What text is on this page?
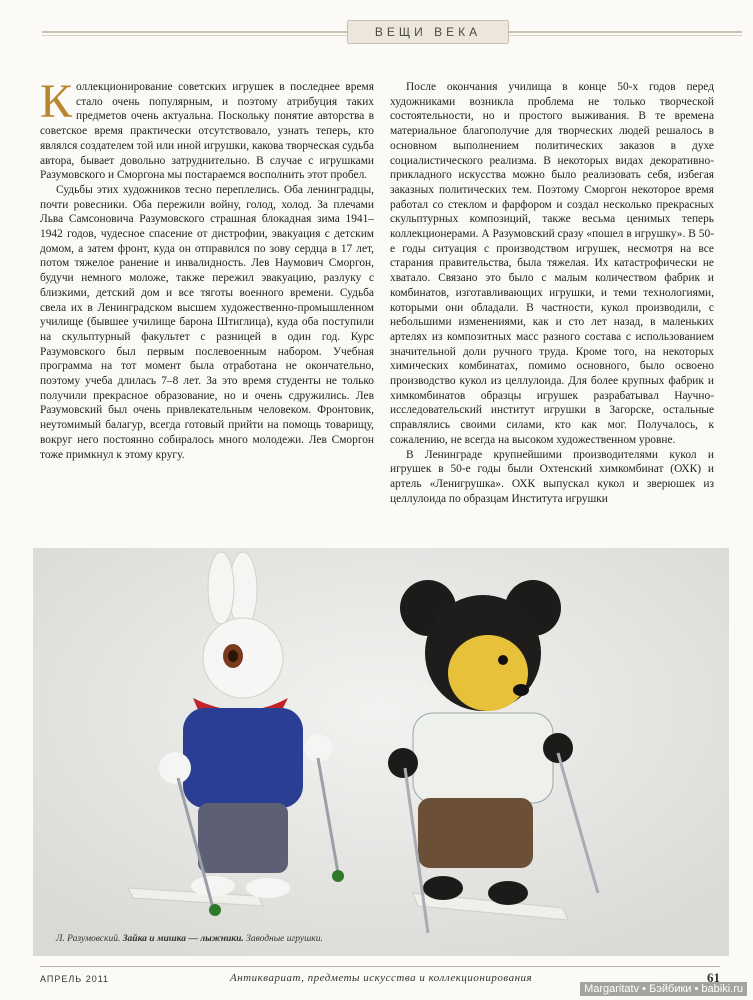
ВЕЩИ ВЕКА

Коллекционирование советских игрушек в последнее время стало очень популярным, и поэтому атрибуция таких предметов очень актуальна. Поскольку понятие авторства в советское время практически отсутствовало, узнать теперь, кто являлся создателем той или иной игрушки, какова творческая судьба автора, бывает довольно затруднительно. В случае с игрушками Разумовского и Сморгона мы постараемся восполнить этот пробел.

Судьбы этих художников тесно переплелись. Оба ленинградцы, почти ровесники. Оба пережили войну, голод, холод. За плечами Льва Самсоновича Разумовского страшная блокадная зима 1941–1942 годов, чудесное спасение от дистрофии, эвакуация с детским домом, а затем фронт, куда он отправился по зову сердца в 17 лет, потом тяжелое ранение и инвалидность. Лев Наумович Сморгон, будучи немного моложе, также пережил эвакуацию, разлуку с близкими, детский дом и все тяготы военного времени. Судьба свела их в Ленинградском высшем художественно-промышленном училище (бывшее училище барона Штиглица), куда оба поступили на скульптурный факультет с разницей в один год. Курс Разумовского был первым послевоенным набором. Учебная программа на тот момент была отработана не окончательно, поэтому учеба длилась 7–8 лет. За это время студенты не только получили прекрасное образование, но и очень сдружились. Лев Разумовский был очень привлекательным человеком. Фронтовик, неутомимый балагур, всегда готовый прийти на помощь товарищу, вокруг него постоянно собиралось много молодежи. Лев Сморгон тоже примкнул к этому кругу.

После окончания училища в конце 50-х годов перед художниками возникла проблема не только творческой состоятельности, но и простого выживания. В те времена материальное благополучие для творческих людей решалось в основном выполнением политических заказов в духе социалистического реализма. В некоторых видах декоративно-прикладного искусства можно было реализовать себя, избегая заказных политических тем. Поэтому Сморгон некоторое время работал со стеклом и фарфором и создал несколько прекрасных скульптурных композиций, также весьма ценимых теперь коллекционерами. А Разумовский сразу «пошел в игрушку». В 50-е годы ситуация с производством игрушек, несмотря на все старания правительства, была тяжелая. Их катастрофически не хватало. Связано это было с малым количеством фабрик и комбинатов, изготавливающих игрушки, и теми технологиями, которыми они обладали. В частности, кукол производили, с небольшими изменениями, как и сто лет назад, в маленьких артелях из композитных масс разного состава с использованием значительной доли ручного труда. Кроме того, на некоторых химических комбинатах, помимо основного, было освоено производство кукол из целлулоида. Для более крупных фабрик и химкомбинатов образцы игрушек разрабатывал Научно-исследовательский институт игрушки в Загорске, остальные справлялись своими силами, кто как мог. Получалось, к сожалению, не всегда на высоком художественном уровне.

В Ленинграде крупнейшими производителями кукол и игрушек в 50-е годы были Охтенский химкомбинат (ОХК) и артель «Ленигрушка». ОХК выпускал кукол и зверюшек из целлулоида по образцам Института игрушки

Л. Разумовский. Зайка и мишка — лыжники. Заводные игрушки.
АПРЕЛЬ 2011	Антиквариат, предметы искусства и коллекционирования	61
Margaritatv • Бэйбики • babiki.ru
